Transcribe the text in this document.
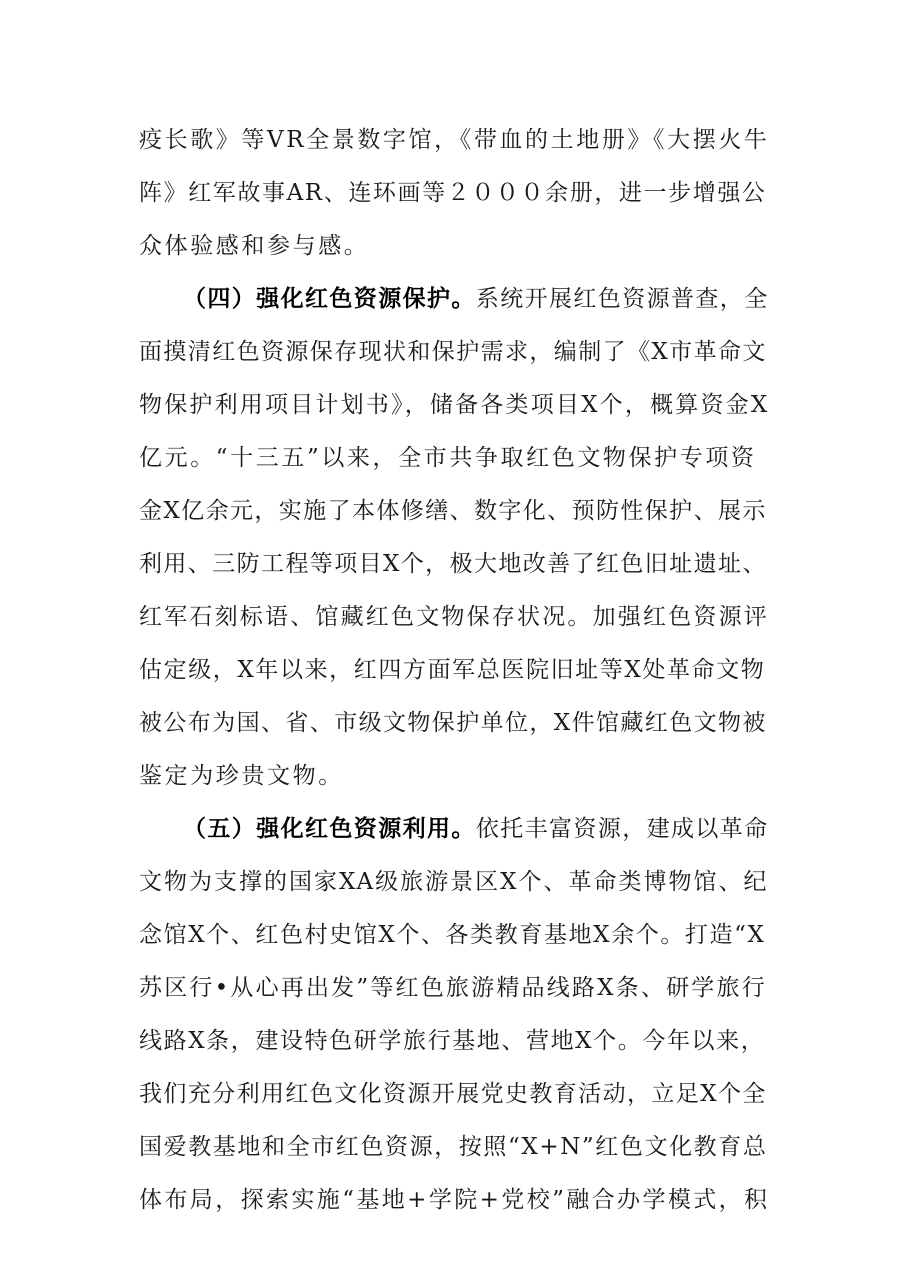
疫长歌》等VR全景数字馆，《带血的土地册》《大摆火牛
阵》红军故事AR、连环画等２０００余册，进一步增强公
众体验感和参与感。
（四）强化红色资源保护。系统开展红色资源普查，全
面摸清红色资源保存现状和保护需求，编制了《X市革命文
物保护利用项目计划书》，储备各类项目X个，概算资金X
亿元。“十三五”以来，全市共争取红色文物保护专项资
金X亿余元，实施了本体修缮、数字化、预防性保护、展示
利用、三防工程等项目X个，极大地改善了红色旧址遗址、
红军石刻标语、馆藏红色文物保存状况。加强红色资源评
估定级，X年以来，红四方面军总医院旧址等X处革命文物
被公布为国、省、市级文物保护单位，X件馆藏红色文物被
鉴定为珍贵文物。
（五）强化红色资源利用。依托丰富资源，建成以革命
文物为支撑的国家XA级旅游景区X个、革命类博物馆、纪
念馆X个、红色村史馆X个、各类教育基地X余个。打造“X
苏区行•从心再出发”等红色旅游精品线路X条、研学旅行
线路X条，建设特色研学旅行基地、营地X个。今年以来，
我们充分利用红色文化资源开展党史教育活动，立足X个全
国爱教基地和全市红色资源，按照“X+N”红色文化教育总
体布局，探索实施“基地+学院+党校”融合办学模式，积
